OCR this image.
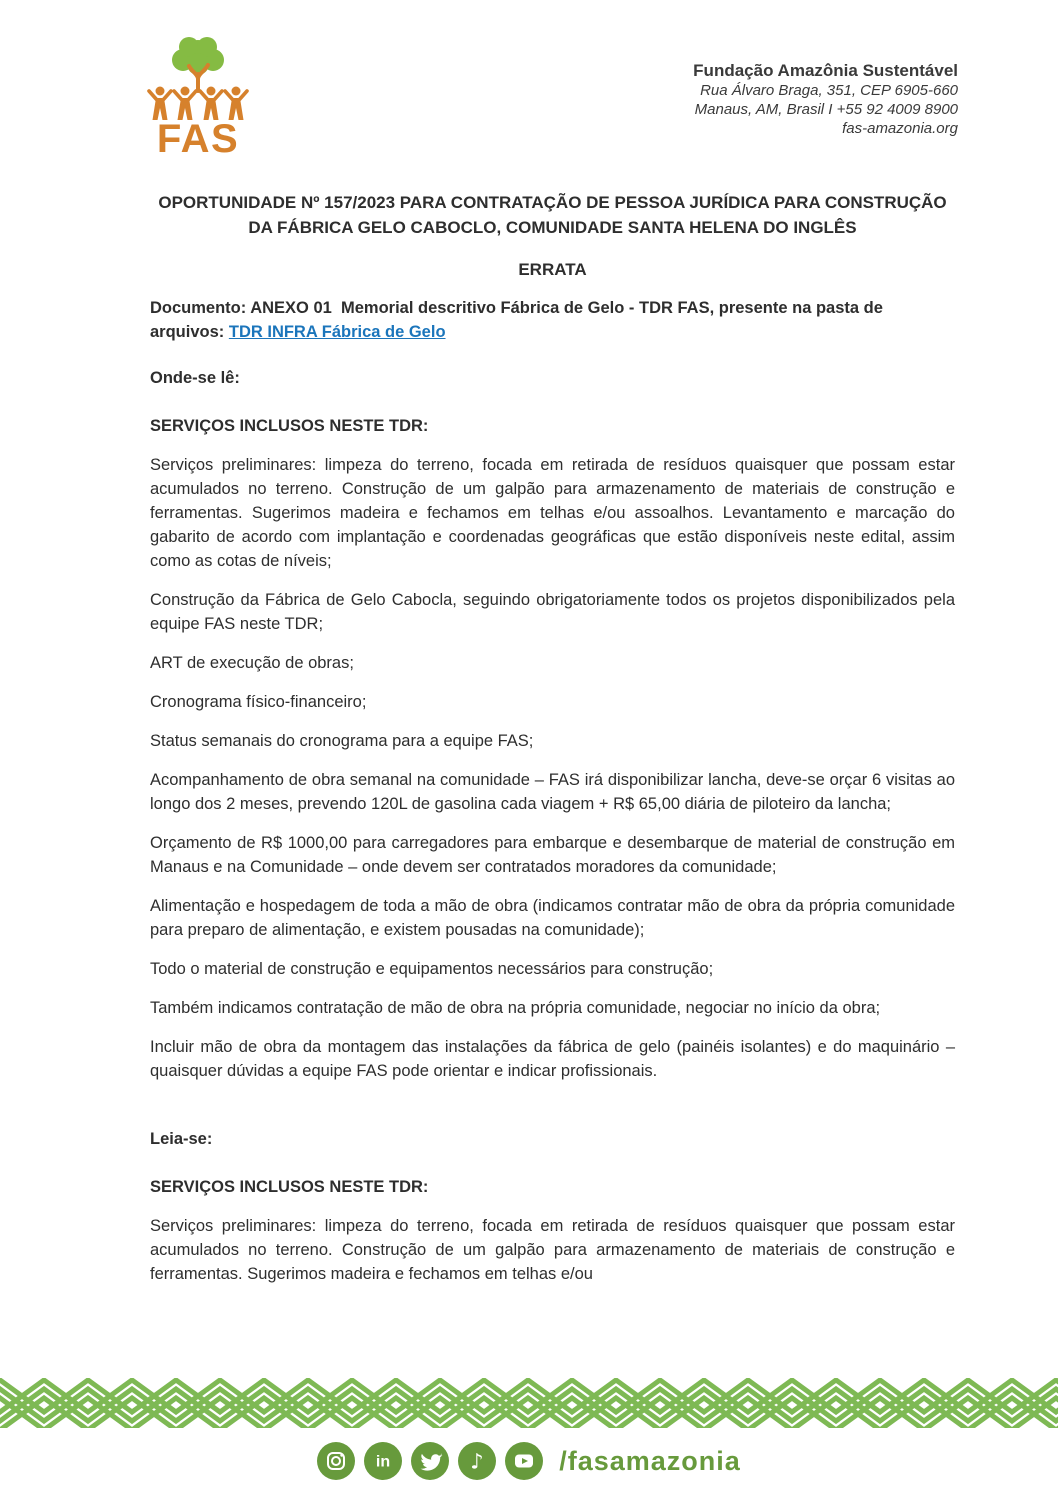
FAS
Fundação Amazônia Sustentável
Rua Álvaro Braga, 351, CEP 6905-660
Manaus, AM, Brasil I +55 92 4009 8900
fas-amazonia.org
OPORTUNIDADE Nº 157/2023 PARA CONTRATAÇÃO DE PESSOA JURÍDICA PARA CONSTRUÇÃO
DA FÁBRICA GELO CABOCLO, COMUNIDADE SANTA HELENA DO INGLÊS
ERRATA
Documento: ANEXO 01  Memorial descritivo Fábrica de Gelo - TDR FAS, presente na pasta de arquivos: TDR INFRA Fábrica de Gelo
Onde-se lê:
SERVIÇOS INCLUSOS NESTE TDR:

Serviços preliminares: limpeza do terreno, focada em retirada de resíduos quaisquer que possam estar acumulados no terreno. Construção de um galpão para armazenamento de materiais de construção e ferramentas. Sugerimos madeira e fechamos em telhas e/ou assoalhos. Levantamento e marcação do gabarito de acordo com implantação e coordenadas geográficas que estão disponíveis neste edital, assim como as cotas de níveis;

Construção da Fábrica de Gelo Cabocla, seguindo obrigatoriamente todos os projetos disponibilizados pela equipe FAS neste TDR;

ART de execução de obras;

Cronograma físico-financeiro;

Status semanais do cronograma para a equipe FAS;

Acompanhamento de obra semanal na comunidade – FAS irá disponibilizar lancha, deve-se orçar 6 visitas ao longo dos 2 meses, prevendo 120L de gasolina cada viagem + R$ 65,00 diária de piloteiro da lancha;

Orçamento de R$ 1000,00 para carregadores para embarque e desembarque de material de construção em Manaus e na Comunidade – onde devem ser contratados moradores da comunidade;

Alimentação e hospedagem de toda a mão de obra (indicamos contratar mão de obra da própria comunidade para preparo de alimentação, e existem pousadas na comunidade);

Todo o material de construção e equipamentos necessários para construção;

Também indicamos contratação de mão de obra na própria comunidade, negociar no início da obra;

Incluir mão de obra da montagem das instalações da fábrica de gelo (painéis isolantes) e do maquinário – quaisquer dúvidas a equipe FAS pode orientar e indicar profissionais.

Leia-se:
SERVIÇOS INCLUSOS NESTE TDR:

Serviços preliminares: limpeza do terreno, focada em retirada de resíduos quaisquer que possam estar acumulados no terreno. Construção de um galpão para armazenamento de materiais de construção e ferramentas. Sugerimos madeira e fechamos em telhas e/ou

in	♪	/fasamazonia
